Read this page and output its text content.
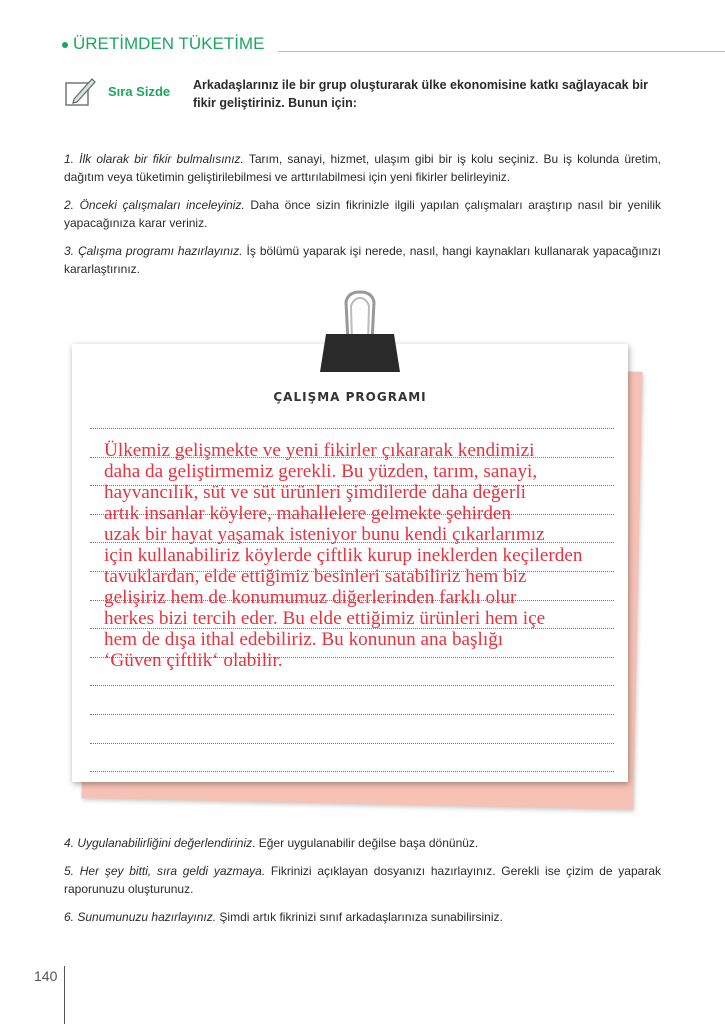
ÜRETİMDEN TÜKETİME
Sıra Sizde Arkadaşlarınız ile bir grup oluşturarak ülke ekonomisine katkı sağlayacak bir fikir geliştiriniz. Bunun için:
1. İlk olarak bir fikir bulmalısınız. Tarım, sanayi, hizmet, ulaşım gibi bir iş kolu seçiniz. Bu iş kolunda üretim, dağıtım veya tüketimin geliştirilebilmesi ve arttırılabilmesi için yeni fikirler belirleyiniz.
2. Önceki çalışmaları inceleyiniz. Daha önce sizin fikrinizle ilgili yapılan çalışmaları araştırıp nasıl bir yenilik yapacağınıza karar veriniz.
3. Çalışma programı hazırlayınız. İş bölümü yaparak işi nerede, nasıl, hangi kaynakları kullanarak yapacağınızı kararlaştırınız.
ÇALIŞMA PROGRAMI
Ülkemiz gelişmekte ve yeni fikirler çıkararak kendimizi
daha da geliştirmemiz gerekli. Bu yüzden, tarım, sanayi,
hayvancılık, süt ve süt ürünleri şimdilerde daha değerli
artık insanlar köylere, mahallelere gelmekte şehirden
uzak bir hayat yaşamak isteniyor bunu kendi çıkarlarımız
için kullanabiliriz köylerde çiftlik kurup ineklerden keçilerden
tavuklardan, elde ettiğimiz besinleri satabiliriz hem biz
gelişiriz hem de konumumuz diğerlerinden farklı olur
herkes bizi tercih eder. Bu elde ettiğimiz ürünleri hem içe
hem de dışa ithal edebiliriz. Bu konunun ana başlığı
‘Güven çiftlik‘ olabilir.
4. Uygulanabilirliğini değerlendiriniz. Eğer uygulanabilir değilse başa dönünüz.
5. Her şey bitti, sıra geldi yazmaya. Fikrinizi açıklayan dosyanızı hazırlayınız. Gerekli ise çizim de yaparak raporunuzu oluşturunuz.
6. Sunumunuzu hazırlayınız. Şimdi artık fikrinizi sınıf arkadaşlarınıza sunabilirsiniz.
140
